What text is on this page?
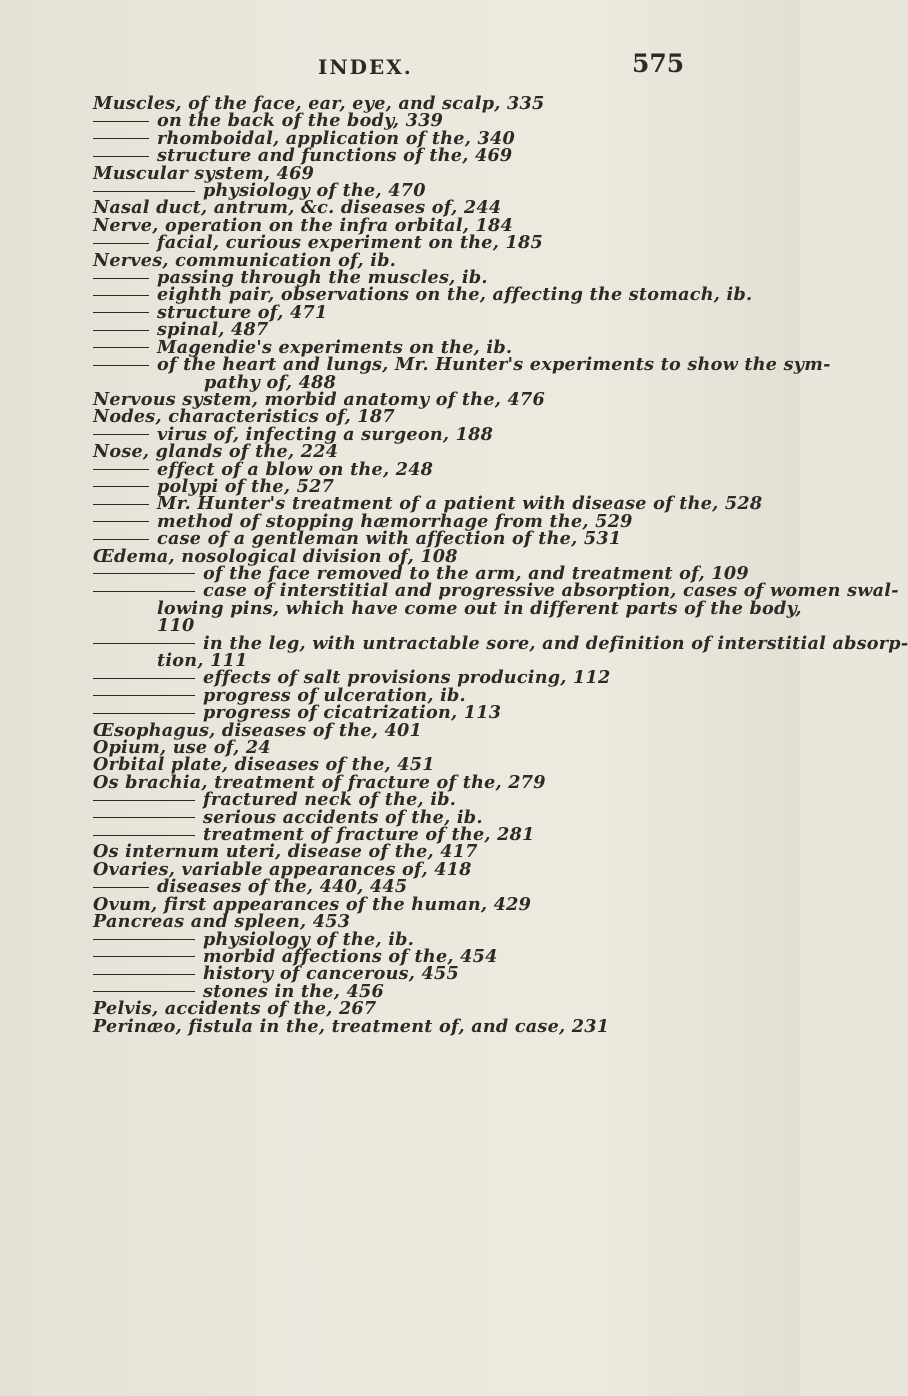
INDEX.	575
Muscles, of the face, ear, eye, and scalp, 335
on the back of the body, 339
rhomboidal, application of the, 340
structure and functions of the, 469
Muscular system, 469
physiology of the, 470
Nasal duct, antrum, &c. diseases of, 244
Nerve, operation on the infra orbital, 184
facial, curious experiment on the, 185
Nerves, communication of, ib.
passing through the muscles, ib.
eighth pair, observations on the, affecting the stomach, ib.
structure of, 471
spinal, 487
Magendie's experiments on the, ib.
of the heart and lungs, Mr. Hunter's experiments to show the sym-
pathy of, 488
Nervous system, morbid anatomy of the, 476
Nodes, characteristics of, 187
virus of, infecting a surgeon, 188
Nose, glands of the, 224
effect of a blow on the, 248
polypi of the, 527
Mr. Hunter's treatment of a patient with disease of the, 528
method of stopping hæmorrhage from the, 529
case of a gentleman with affection of the, 531
Œdema, nosological division of, 108
of the face removed to the arm, and treatment of, 109
case of interstitial and progressive absorption, cases of women swal-
lowing pins, which have come out in different parts of the body,
110
in the leg, with untractable sore, and definition of interstitial absorp-
tion, 111
effects of salt provisions producing, 112
progress of ulceration, ib.
progress of cicatrization, 113
Œsophagus, diseases of the, 401
Opium, use of, 24
Orbital plate, diseases of the, 451
Os brachia, treatment of fracture of the, 279
fractured neck of the, ib.
serious accidents of the, ib.
treatment of fracture of the, 281
Os internum uteri, disease of the, 417
Ovaries, variable appearances of, 418
diseases of the, 440, 445
Ovum, first appearances of the human, 429
Pancreas and spleen, 453
physiology of the, ib.
morbid affections of the, 454
history of cancerous, 455
stones in the, 456
Pelvis, accidents of the, 267
Perinæo, fistula in the, treatment of, and case, 231
